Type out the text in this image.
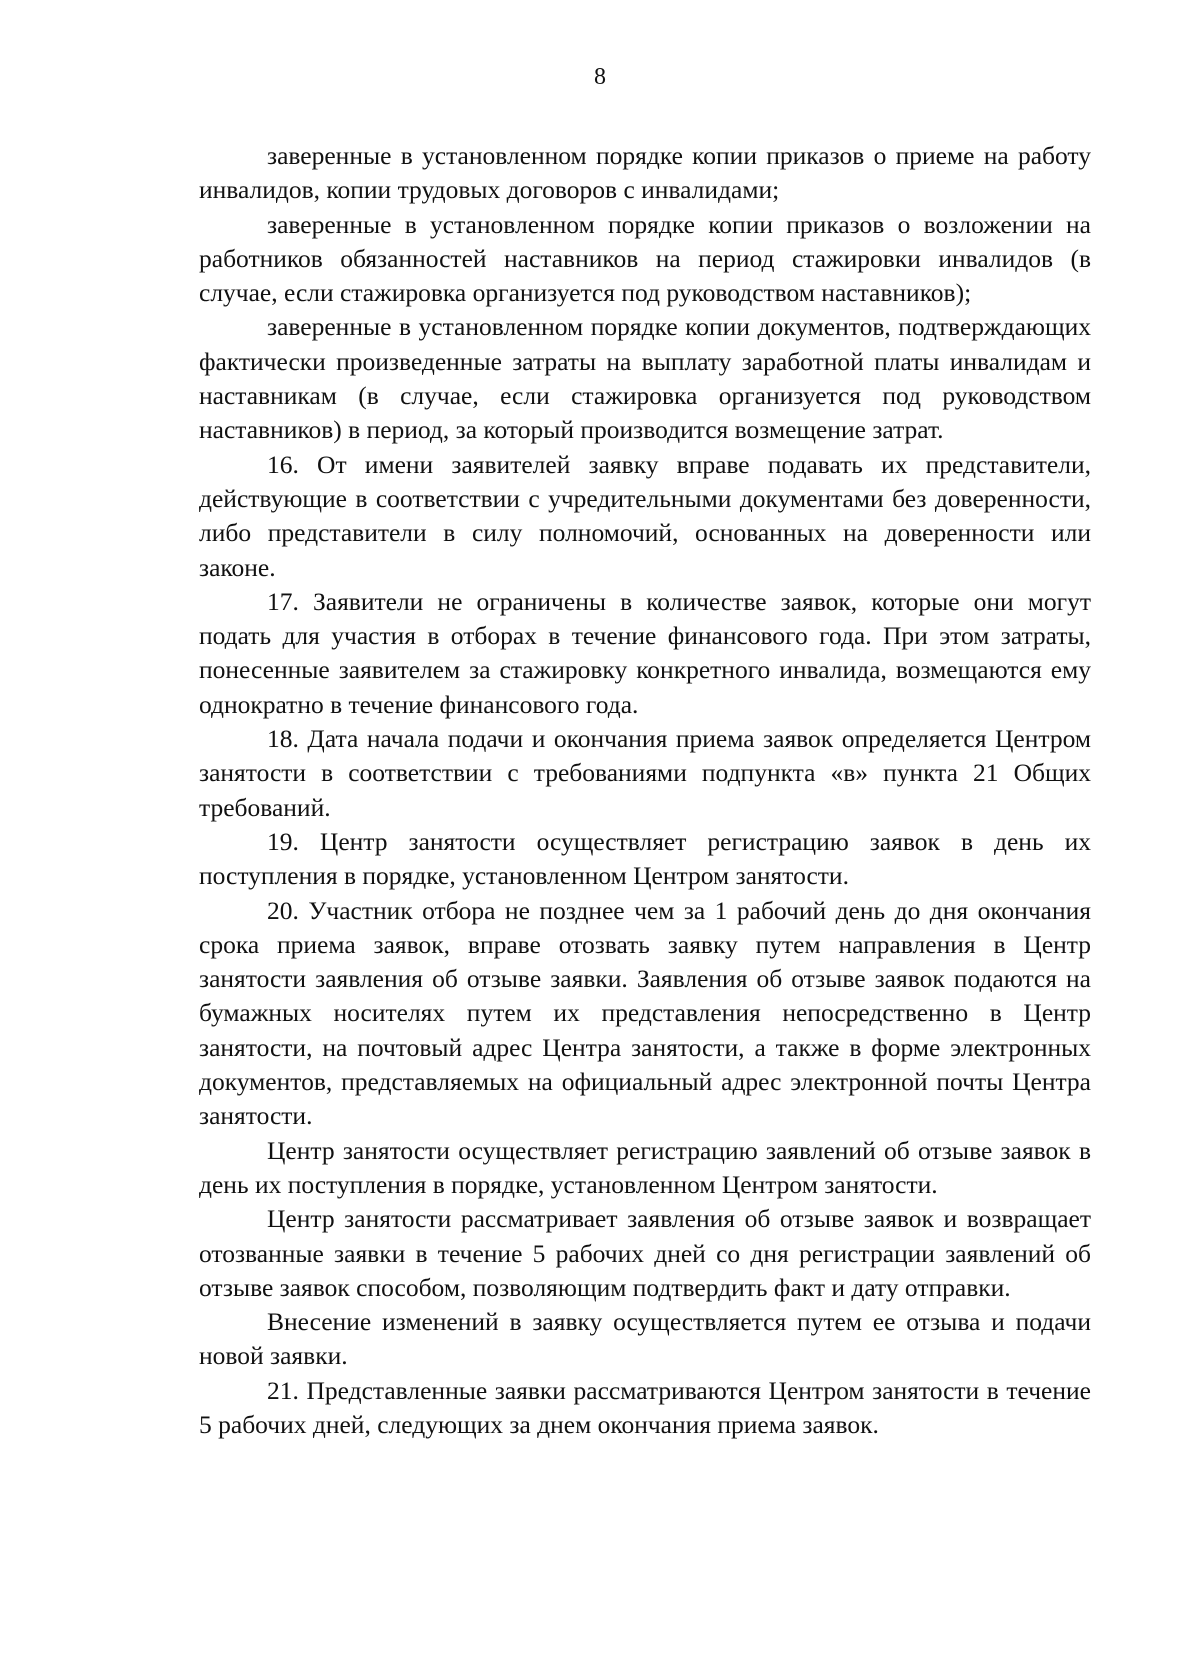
8

заверенные в установленном порядке копии приказов о приеме на работу инвалидов, копии трудовых договоров с инвалидами;

заверенные в установленном порядке копии приказов о возложении на работников обязанностей наставников на период стажировки инвалидов (в случае, если стажировка организуется под руководством наставников);

заверенные в установленном порядке копии документов, подтверждающих фактически произведенные затраты на выплату заработной платы инвалидам и наставникам (в случае, если стажировка организуется под руководством наставников) в период, за который производится возмещение затрат.

16. От имени заявителей заявку вправе подавать их представители, действующие в соответствии с учредительными документами без доверенности, либо представители в силу полномочий, основанных на доверенности или законе.

17. Заявители не ограничены в количестве заявок, которые они могут подать для участия в отборах в течение финансового года. При этом затраты, понесенные заявителем за стажировку конкретного инвалида, возмещаются ему однократно в течение финансового года.

18. Дата начала подачи и окончания приема заявок определяется Центром занятости в соответствии с требованиями подпункта «в» пункта 21 Общих требований.

19. Центр занятости осуществляет регистрацию заявок в день их поступления в порядке, установленном Центром занятости.

20. Участник отбора не позднее чем за 1 рабочий день до дня окончания срока приема заявок, вправе отозвать заявку путем направления в Центр занятости заявления об отзыве заявки. Заявления об отзыве заявок подаются на бумажных носителях путем их представления непосредственно в Центр занятости, на почтовый адрес Центра занятости, а также в форме электронных документов, представляемых на официальный адрес электронной почты Центра занятости.

Центр занятости осуществляет регистрацию заявлений об отзыве заявок в день их поступления в порядке, установленном Центром занятости.

Центр занятости рассматривает заявления об отзыве заявок и возвращает отозванные заявки в течение 5 рабочих дней со дня регистрации заявлений об отзыве заявок способом, позволяющим подтвердить факт и дату отправки.

Внесение изменений в заявку осуществляется путем ее отзыва и подачи новой заявки.

21. Представленные заявки рассматриваются Центром занятости в течение 5 рабочих дней, следующих за днем окончания приема заявок.
